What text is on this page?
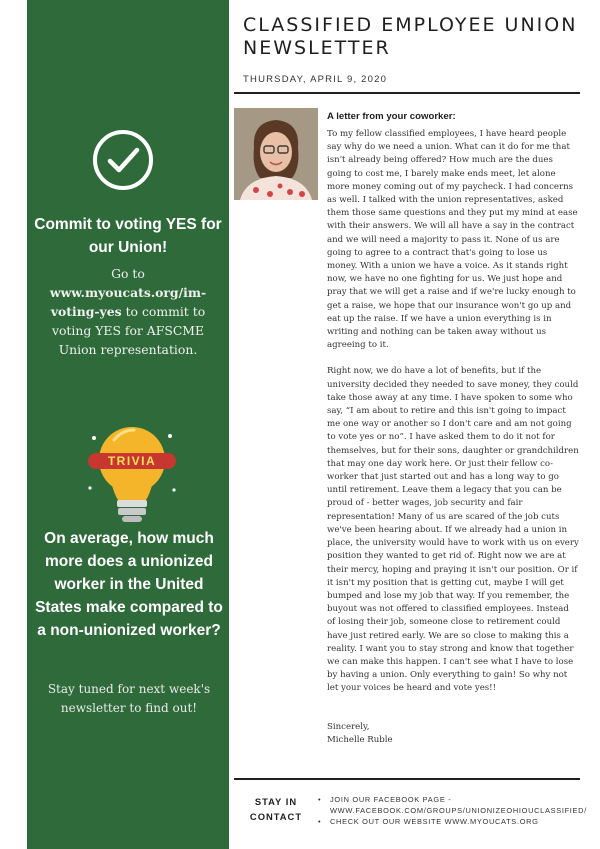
Commit to voting YES for our Union!
Go to www.myoucats.org/im-voting-yes to commit to voting YES for AFSCME Union representation.
TRIVIA
On average, how much more does a unionized worker in the United States make compared to a non-unionized worker?
Stay tuned for next week's newsletter to find out!
CLASSIFIED EMPLOYEE UNION NEWSLETTER
THURSDAY, APRIL 9, 2020
A letter from your coworker:

To my fellow classified employees, I have heard people say why do we need a union. What can it do for me that isn't already being offered? How much are the dues going to cost me, I barely make ends meet, let alone more money coming out of my paycheck. I had concerns as well. I talked with the union representatives, asked them those same questions and they put my mind at ease with their answers. We will all have a say in the contract and we will need a majority to pass it. None of us are going to agree to a contract that's going to lose us money. With a union we have a voice. As it stands right now, we have no one fighting for us. We just hope and pray that we will get a raise and if we're lucky enough to get a raise, we hope that our insurance won't go up and eat up the raise. If we have a union everything is in writing and nothing can be taken away without us agreeing to it.

Right now, we do have a lot of benefits, but if the university decided they needed to save money, they could take those away at any time. I have spoken to some who say, “I am about to retire and this isn't going to impact me one way or another so I don't care and am not going to vote yes or no”. I have asked them to do it not for themselves, but for their sons, daughter or grandchildren that may one day work here. Or just their fellow co-worker that just started out and has a long way to go until retirement. Leave them a legacy that you can be proud of - better wages, job security and fair representation! Many of us are scared of the job cuts we've been hearing about. If we already had a union in place, the university would have to work with us on every position they wanted to get rid of. Right now we are at their mercy, hoping and praying it isn't our position. Or if it isn't my position that is getting cut, maybe I will get bumped and lose my job that way. If you remember, the buyout was not offered to classified employees. Instead of losing their job, someone close to retirement could have just retired early. We are so close to making this a reality. I want you to stay strong and know that together we can make this happen. I can't see what I have to lose by having a union. Only everything to gain! So why not let your voices be heard and vote yes!!

Sincerely,
Michelle Ruble
STAY IN CONTACT
• JOIN OUR FACEBOOK PAGE -
WWW.FACEBOOK.COM/GROUPS/UNIONIZEOHIOUCLASSIFIED/
• CHECK OUT OUR WEBSITE WWW.MYOUCATS.ORG
